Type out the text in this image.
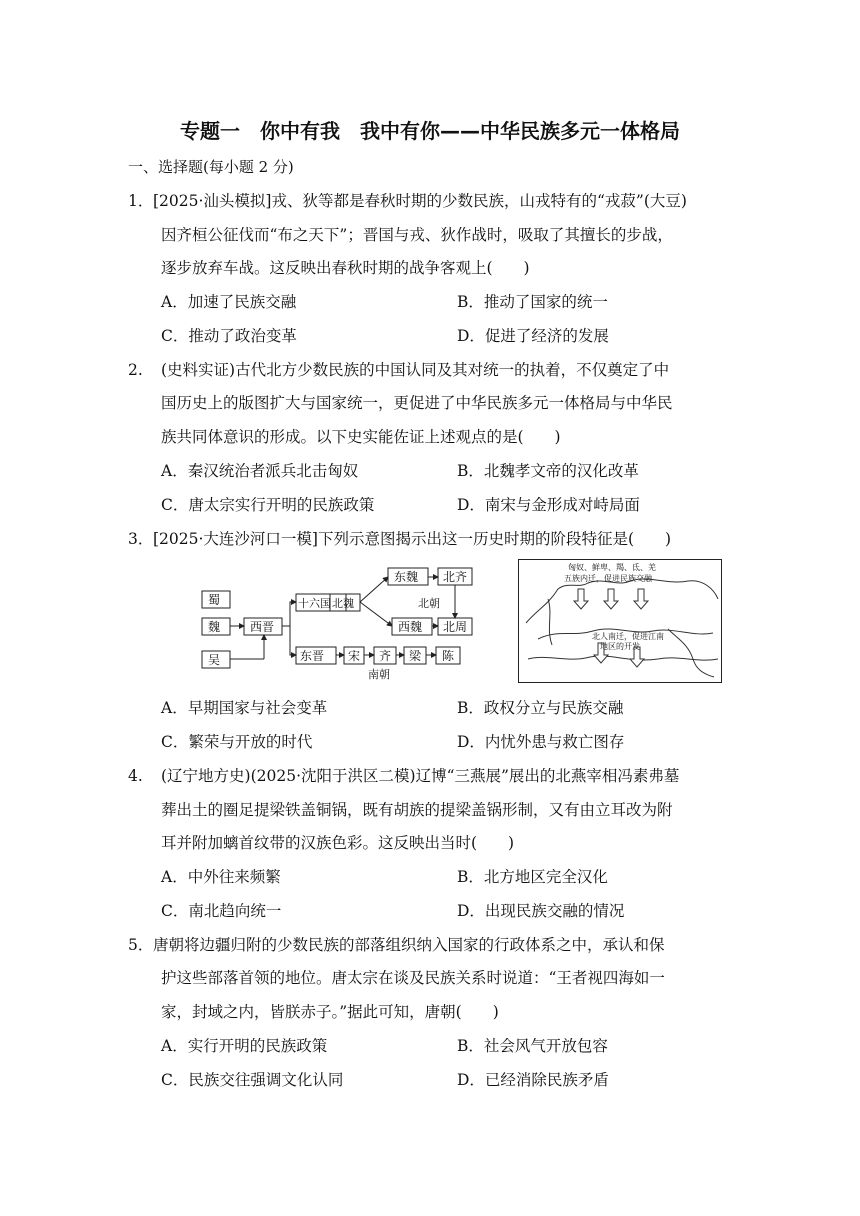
专题一　你中有我　我中有你——中华民族多元一体格局
一、选择题(每小题 2 分)
1． [2025·汕头模拟]戎、狄等都是春秋时期的少数民族，山戎特有的“戎菽”(大豆)
因齐桓公征伐而“布之天下”；晋国与戎、狄作战时，吸取了其擅长的步战，
逐步放弃车战。这反映出春秋时期的战争客观上(　　)
A．加速了民族交融	B．推动了国家的统一
C．推动了政治变革	D．促进了经济的发展
2. (史料实证)古代北方少数民族的中国认同及其对统一的执着，不仅奠定了中
国历史上的版图扩大与国家统一，更促进了中华民族多元一体格局与中华民
族共同体意识的形成。以下史实能佐证上述观点的是(　　)
A．秦汉统治者派兵北击匈奴	B．北魏孝文帝的汉化改革
C．唐太宗实行开明的民族政策	D．南宋与金形成对峙局面
3． [2025·大连沙河口一模]下列示意图揭示出这一历史时期的阶段特征是(　　)
蜀
魏
吴
西晋
十六国 北魏
东魏 北齐
西魏 北周
北朝
东晋 宋 齐 梁 陈
南朝
匈奴、鲜卑、羯、氐、羌
五族内迁，促进民族交融
北人南迁，促进江南
地区的开发
A．早期国家与社会变革	B．政权分立与民族交融
C．繁荣与开放的时代	D．内忧外患与救亡图存
4. (辽宁地方史)(2025·沈阳于洪区二模)辽博“三燕展”展出的北燕宰相冯素弗墓
葬出土的圈足提梁铁盖铜锅，既有胡族的提梁盖锅形制，又有由立耳改为附
耳并附加螭首纹带的汉族色彩。这反映出当时(　　)
A．中外往来频繁	B．北方地区完全汉化
C．南北趋向统一	D．出现民族交融的情况
5． 唐朝将边疆归附的少数民族的部落组织纳入国家的行政体系之中，承认和保
护这些部落首领的地位。唐太宗在谈及民族关系时说道：“王者视四海如一
家，封域之内，皆朕赤子。”据此可知，唐朝(　　)
A．实行开明的民族政策	B．社会风气开放包容
C．民族交往强调文化认同	D．已经消除民族矛盾
